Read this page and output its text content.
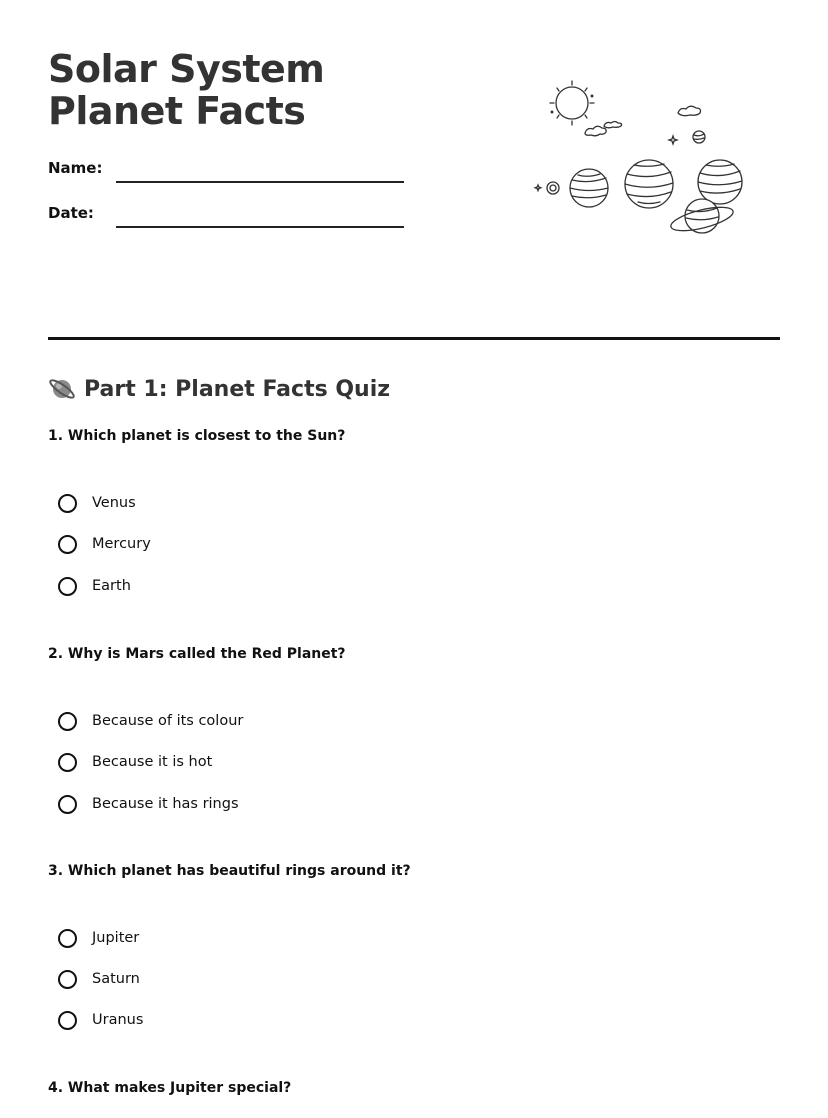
Solar System Planet Facts
Name:
Date:
Part 1: Planet Facts Quiz
1. Which planet is closest to the Sun?
Venus
Mercury
Earth
2. Why is Mars called the Red Planet?
Because of its colour
Because it is hot
Because it has rings
3. Which planet has beautiful rings around it?
Jupiter
Saturn
Uranus
4. What makes Jupiter special?
